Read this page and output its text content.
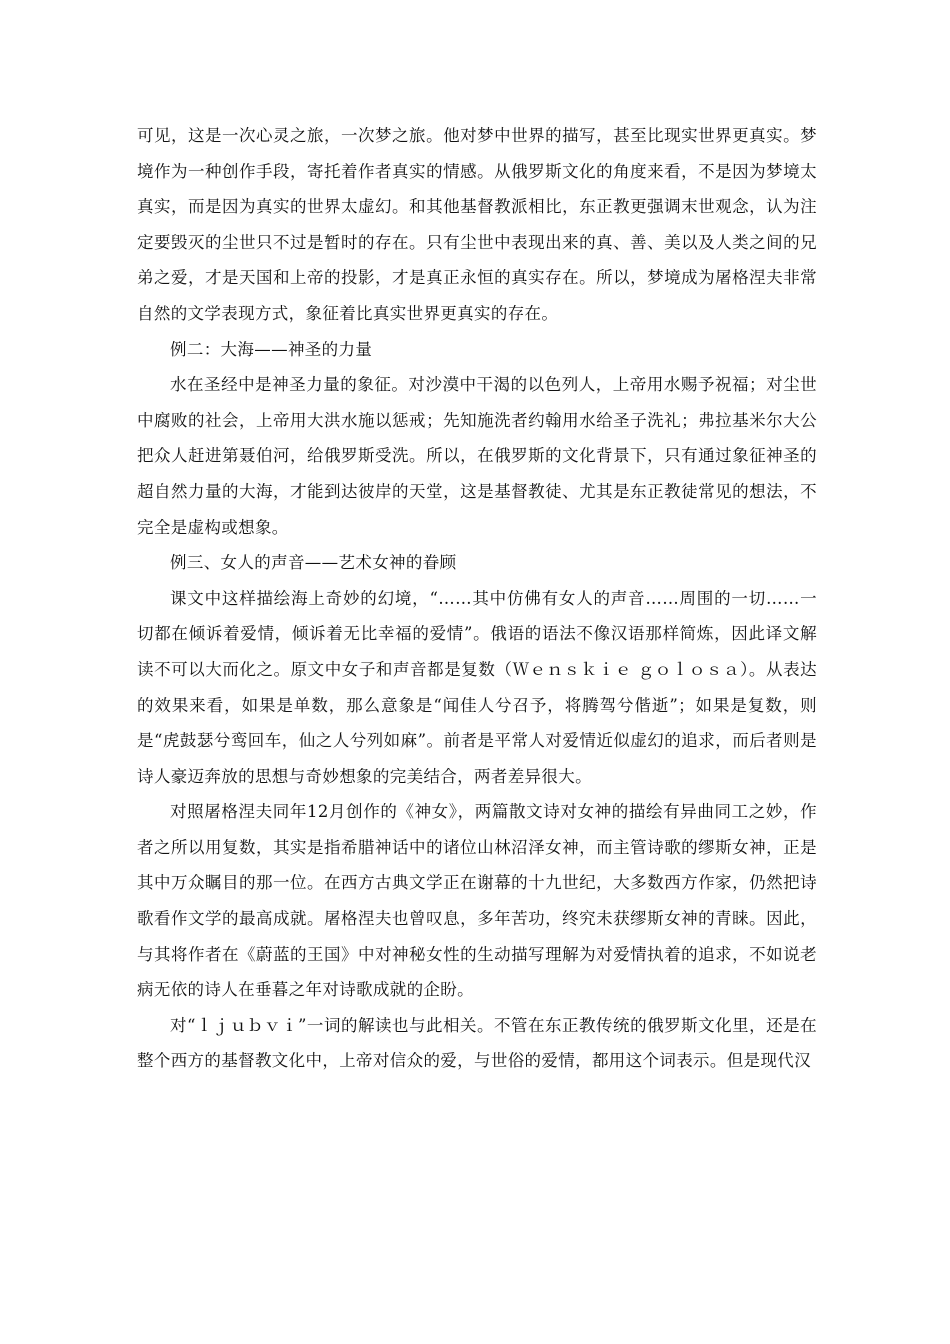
可见，这是一次心灵之旅，一次梦之旅。他对梦中世界的描写，甚至比现实世界更真实。梦境作为一种创作手段，寄托着作者真实的情感。从俄罗斯文化的角度来看，不是因为梦境太真实，而是因为真实的世界太虚幻。和其他基督教派相比，东正教更强调末世观念，认为注定要毁灭的尘世只不过是暂时的存在。只有尘世中表现出来的真、善、美以及人类之间的兄弟之爱，才是天国和上帝的投影，才是真正永恒的真实存在。所以，梦境成为屠格涅夫非常自然的文学表现方式，象征着比真实世界更真实的存在。

例二：大海——神圣的力量

水在圣经中是神圣力量的象征。对沙漠中干渴的以色列人，上帝用水赐予祝福；对尘世中腐败的社会，上帝用大洪水施以惩戒；先知施洗者约翰用水给圣子洗礼；弗拉基米尔大公把众人赶进第聂伯河，给俄罗斯受洗。所以，在俄罗斯的文化背景下，只有通过象征神圣的超自然力量的大海，才能到达彼岸的天堂，这是基督教徒、尤其是东正教徒常见的想法，不完全是虚构或想象。

例三、女人的声音——艺术女神的眷顾

课文中这样描绘海上奇妙的幻境，“……其中仿佛有女人的声音……周围的一切……一切都在倾诉着爱情，倾诉着无比幸福的爱情”。俄语的语法不像汉语那样简炼，因此译文解读不可以大而化之。原文中女子和声音都是复数（Ｗｅｎｓｋｉｅ ｇｏｌｏｓａ）。从表达的效果来看，如果是单数，那么意象是“闻佳人兮召予，将腾驾兮偕逝”；如果是复数，则是“虎鼓瑟兮鸾回车，仙之人兮列如麻”。前者是平常人对爱情近似虚幻的追求，而后者则是诗人豪迈奔放的思想与奇妙想象的完美结合，两者差异很大。

对照屠格涅夫同年12月创作的《神女》，两篇散文诗对女神的描绘有异曲同工之妙，作者之所以用复数，其实是指希腊神话中的诸位山林沼泽女神，而主管诗歌的缪斯女神，正是其中万众瞩目的那一位。在西方古典文学正在谢幕的十九世纪，大多数西方作家，仍然把诗歌看作文学的最高成就。屠格涅夫也曾叹息，多年苦功，终究未获缪斯女神的青睐。因此，与其将作者在《蔚蓝的王国》中对神秘女性的生动描写理解为对爱情执着的追求，不如说老病无依的诗人在垂暮之年对诗歌成就的企盼。

对“ｌｊｕｂｖｉ”一词的解读也与此相关。不管在东正教传统的俄罗斯文化里，还是在整个西方的基督教文化中，上帝对信众的爱，与世俗的爱情，都用这个词表示。但是现代汉
